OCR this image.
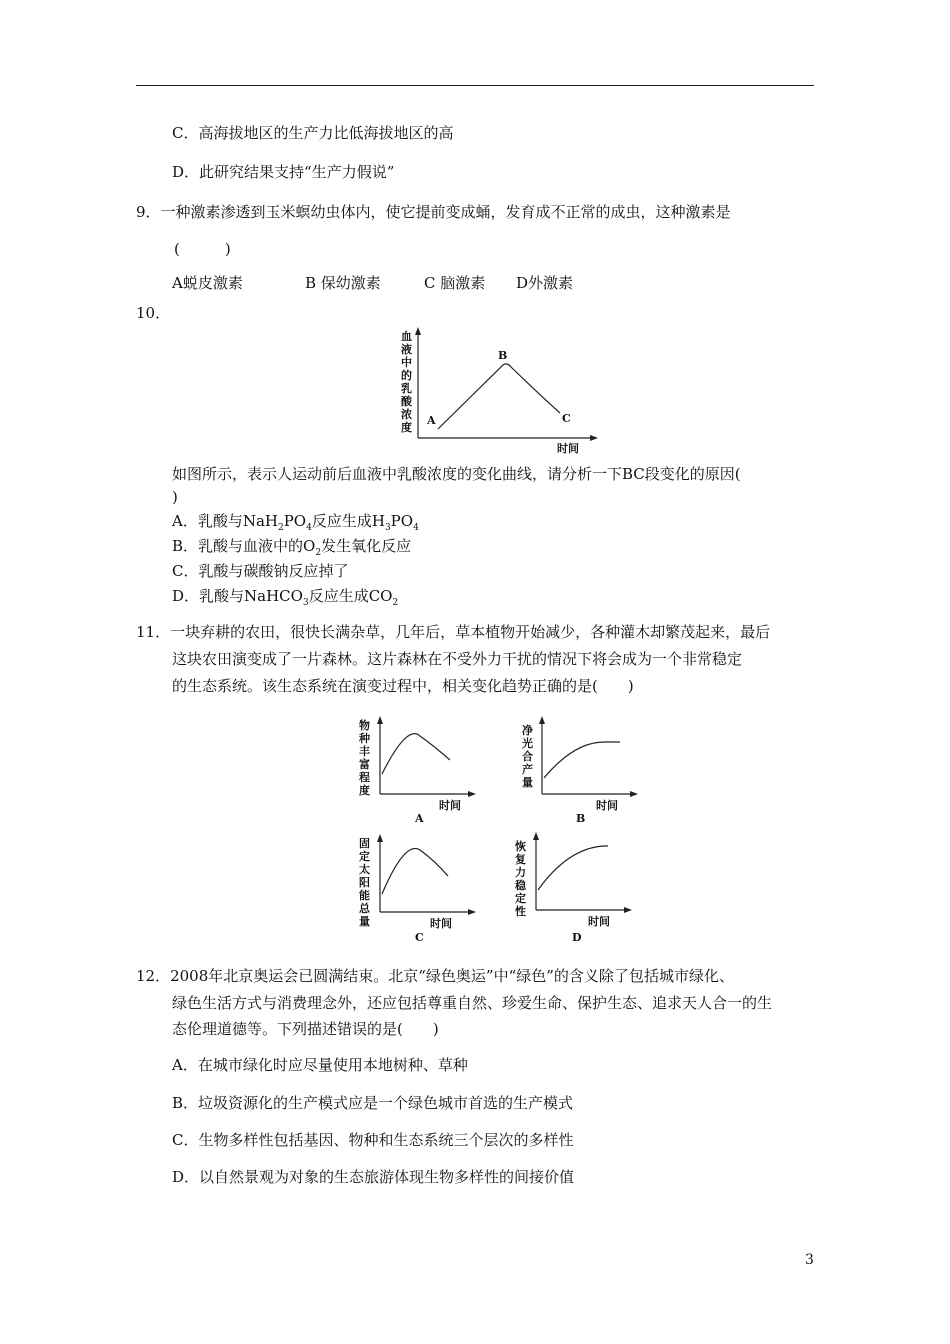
C．高海拔地区的生产力比低海拔地区的高
D．此研究结果支持“生产力假说”
9．一种激素渗透到玉米螟幼虫体内，使它提前变成蛹，发育成不正常的成虫，这种激素是
(　　　)
A蜕皮激素	B 保幼激素	C 脑激素 D外激素
10．
血液中的乳酸浓度
A
B
C
时间
如图所示，表示人运动前后血液中乳酸浓度的变化曲线，请分析一下BC段变化的原因(
)
A．乳酸与$NaH_2PO_4$反应生成$H_3PO_4$
B．乳酸与血液中的$O_2$发生氧化反应
C．乳酸与碳酸钠反应掉了
D．乳酸与NaHCO$_3$反应生成$CO_2$
11．一块弃耕的农田，很快长满杂草，几年后，草本植物开始减少，各种灌木却繁茂起来，最后
这块农田演变成了一片森林。这片森林在不受外力干扰的情况下将会成为一个非常稳定
的生态系统。该生态系统在演变过程中，相关变化趋势正确的是(　　)
物种丰富程度
时间
A
净光合产量
时间
B
固定太阳能总量	时间
C
恢复力稳定性
时间
D
12．2008年北京奥运会已圆满结束。北京“绿色奥运”中“绿色”的含义除了包括城市绿化、
绿色生活方式与消费理念外，还应包括尊重自然、珍爱生命、保护生态、追求天人合一的生
态伦理道德等。下列描述错误的是(　　)
A．在城市绿化时应尽量使用本地树种、草种
B．垃圾资源化的生产模式应是一个绿色城市首选的生产模式
C．生物多样性包括基因、物种和生态系统三个层次的多样性
D．以自然景观为对象的生态旅游体现生物多样性的间接价值
3
